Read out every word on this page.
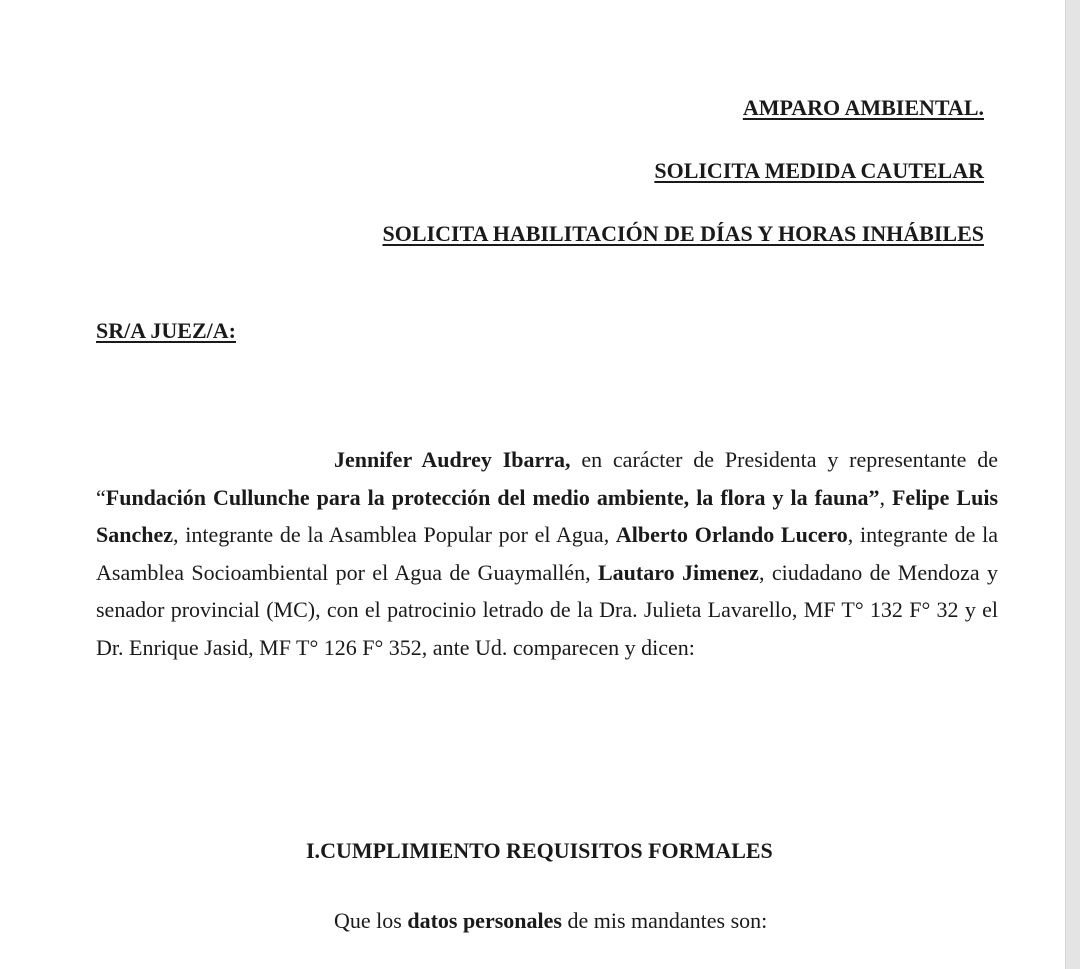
AMPARO AMBIENTAL.
SOLICITA MEDIDA CAUTELAR
SOLICITA HABILITACIÓN DE DÍAS Y HORAS INHÁBILES
SR/A JUEZ/A:

Jennifer Audrey Ibarra, en carácter de Presidenta y representante de “Fundación Cullunche para la protección del medio ambiente, la flora y la fauna”, Felipe Luis Sanchez, integrante de la Asamblea Popular por el Agua, Alberto Orlando Lucero, integrante de la Asamblea Socioambiental por el Agua de Guaymallén, Lautaro Jimenez, ciudadano de Mendoza y senador provincial (MC), con el patrocinio letrado de la Dra. Julieta Lavarello, MF T° 132 F° 32 y el Dr. Enrique Jasid, MF T° 126 F° 352, ante Ud. comparecen y dicen:

I.CUMPLIMIENTO REQUISITOS FORMALES
Que los datos personales de mis mandantes son:
